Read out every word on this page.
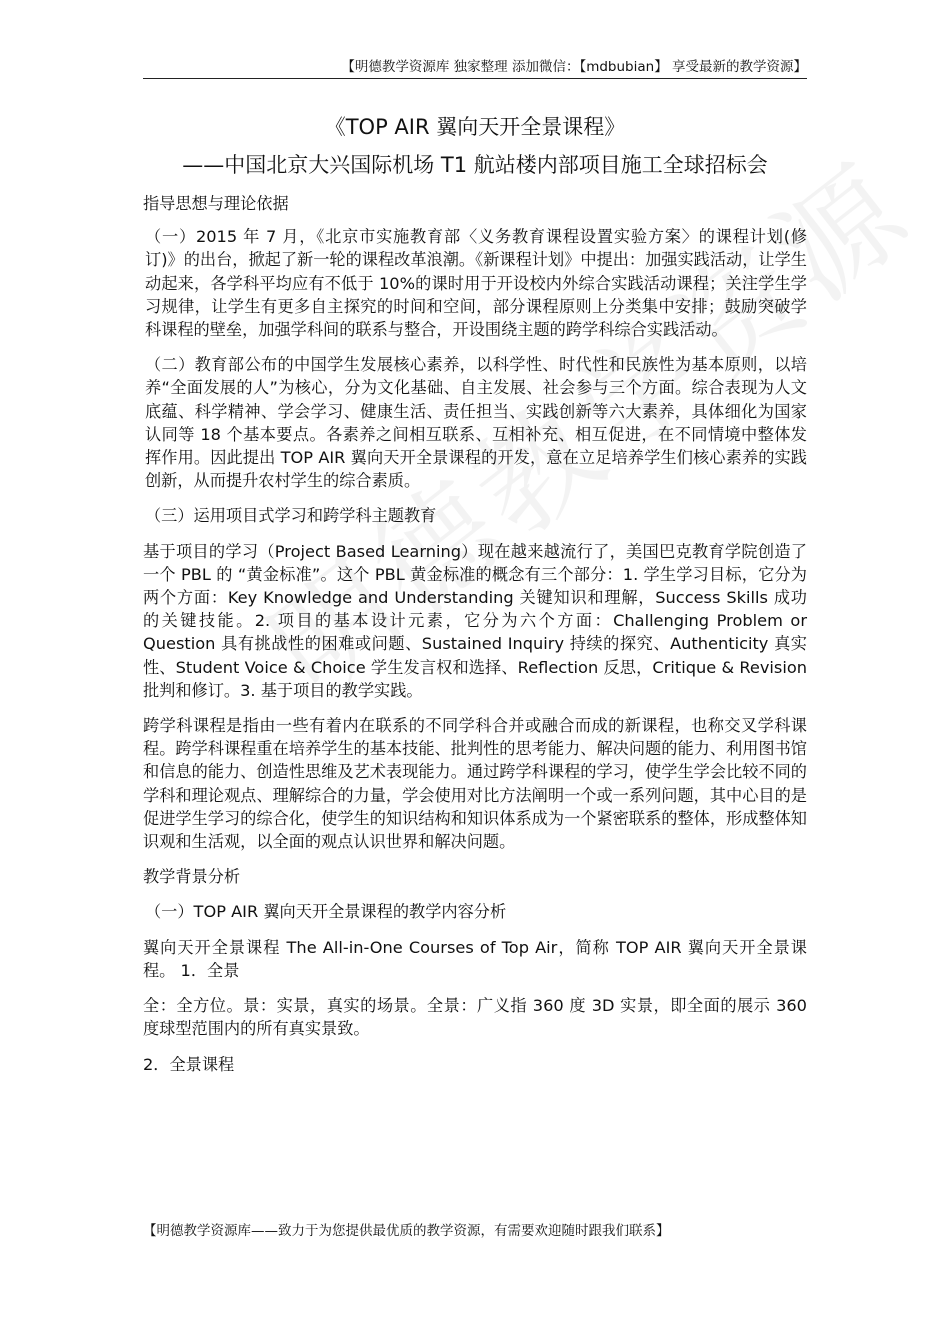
【明德教学资源库 独家整理 添加微信：【mdbubian】 享受最新的教学资源】

《TOP AIR 翼向天开全景课程》

——中国北京大兴国际机场 T1 航站楼内部项目施工全球招标会

指导思想与理论依据

（一）2015 年 7 月，《北京市实施教育部〈义务教育课程设置实验方案〉的课程计划(修订)》的出台，掀起了新一轮的课程改革浪潮。《新课程计划》中提出：加强实践活动，让学生动起来，各学科平均应有不低于 10%的课时用于开设校内外综合实践活动课程；关注学生学习规律，让学生有更多自主探究的时间和空间，部分课程原则上分类集中安排；鼓励突破学科课程的壁垒，加强学科间的联系与整合，开设围绕主题的跨学科综合实践活动。

（二）教育部公布的中国学生发展核心素养，以科学性、时代性和民族性为基本原则，以培养“全面发展的人”为核心，分为文化基础、自主发展、社会参与三个方面。综合表现为人文底蕴、科学精神、学会学习、健康生活、责任担当、实践创新等六大素养，具体细化为国家认同等 18 个基本要点。各素养之间相互联系、互相补充、相互促进，在不同情境中整体发挥作用。因此提出 TOP AIR 翼向天开全景课程的开发，意在立足培养学生们核心素养的实践创新，从而提升农村学生的综合素质。

（三）运用项目式学习和跨学科主题教育

基于项目的学习（Project Based Learning）现在越来越流行了，美国巴克教育学院创造了一个 PBL 的 “黄金标准”。这个 PBL 黄金标准的概念有三个部分：1. 学生学习目标，它分为两个方面：Key Knowledge and Understanding 关键知识和理解，Success Skills 成功的关键技能。2. 项目的基本设计元素，它分为六个方面：Challenging Problem or Question 具有挑战性的困难或问题、Sustained Inquiry 持续的探究、Authenticity 真实性、Student Voice & Choice 学生发言权和选择、Reflection 反思，Critique & Revision 批判和修订。3. 基于项目的教学实践。

跨学科课程是指由一些有着内在联系的不同学科合并或融合而成的新课程，也称交叉学科课程。跨学科课程重在培养学生的基本技能、批判性的思考能力、解决问题的能力、利用图书馆和信息的能力、创造性思维及艺术表现能力。通过跨学科课程的学习，使学生学会比较不同的学科和理论观点、理解综合的力量，学会使用对比方法阐明一个或一系列问题，其中心目的是促进学生学习的综合化，使学生的知识结构和知识体系成为一个紧密联系的整体，形成整体知识观和生活观，以全面的观点认识世界和解决问题。

教学背景分析

（一）TOP AIR 翼向天开全景课程的教学内容分析

翼向天开全景课程 The All-in-One Courses of Top Air，简称 TOP AIR 翼向天开全景课程。 1．全景

全：全方位。景：实景，真实的场景。全景：广义指 360 度 3D 实景，即全面的展示 360 度球型范围内的所有真实景致。

2．全景课程

【明德教学资源库——致力于为您提供最优质的教学资源，有需要欢迎随时跟我们联系】
